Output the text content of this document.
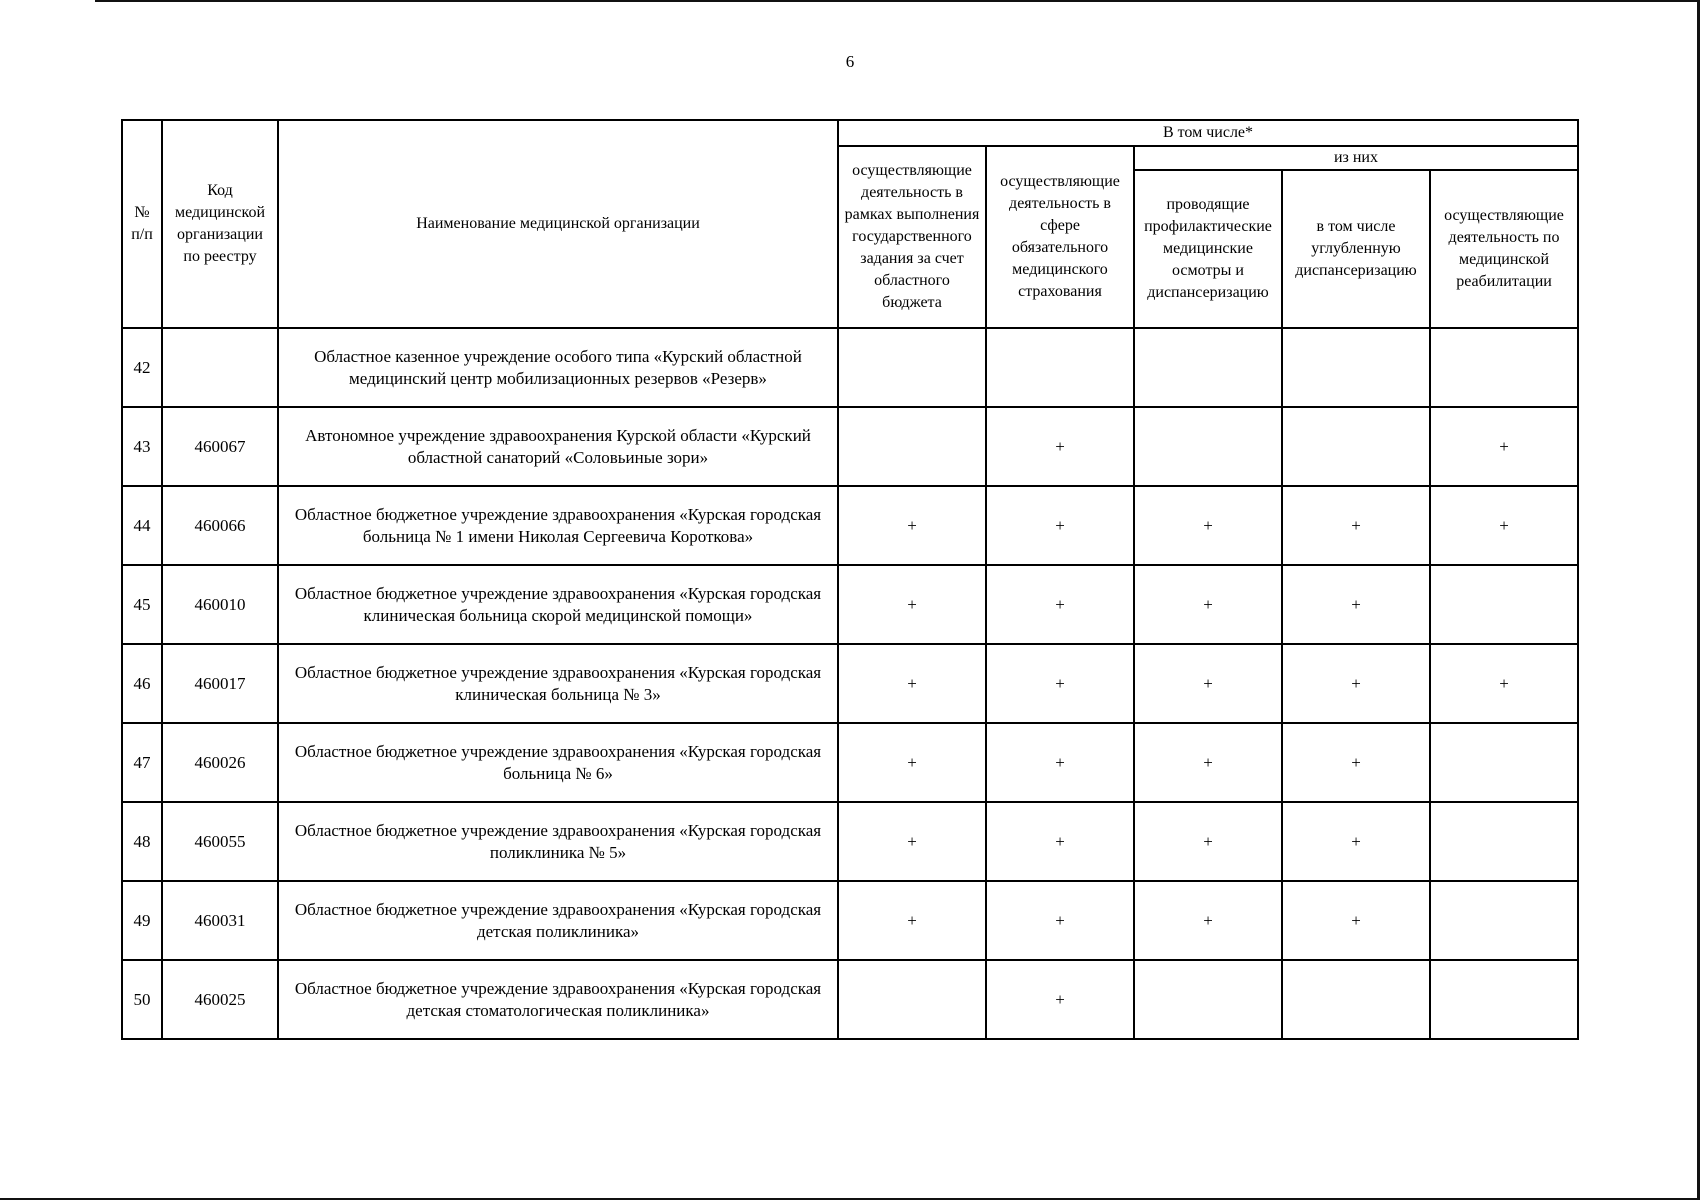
6
№ п/п	Код медицинской организации по реестру	Наименование медицинской организации	В том числе*				
			осуществляющие деятельность в рамках выполнения государственного задания за счет областного бюджета	осуществляющие деятельность в сфере обязательного медицинского страхования	из них		
					проводящие профилактические медицинские осмотры и диспансеризацию	в том числе углубленную диспансеризацию	осуществляющие деятельность по медицинской реабилитации
42		Областное казенное учреждение особого типа «Курский областной медицинский центр мобилизационных резервов «Резерв»					
43	460067	Автономное учреждение здравоохранения Курской области «Курский областной санаторий «Соловьиные зори»		+			+
44	460066	Областное бюджетное учреждение здравоохранения «Курская городская больница № 1 имени Николая Сергеевича Короткова»	+	+	+	+	+
45	460010	Областное бюджетное учреждение здравоохранения «Курская городская клиническая больница скорой медицинской помощи»	+	+	+	+	
46	460017	Областное бюджетное учреждение здравоохранения «Курская городская клиническая больница № 3»	+	+	+	+	+
47	460026	Областное бюджетное учреждение здравоохранения «Курская городская больница № 6»	+	+	+	+	
48	460055	Областное бюджетное учреждение здравоохранения «Курская городская поликлиника № 5»	+	+	+	+	
49	460031	Областное бюджетное учреждение здравоохранения «Курская городская детская поликлиника»	+	+	+	+	
50	460025	Областное бюджетное учреждение здравоохранения «Курская городская детская стоматологическая поликлиника»		+			
